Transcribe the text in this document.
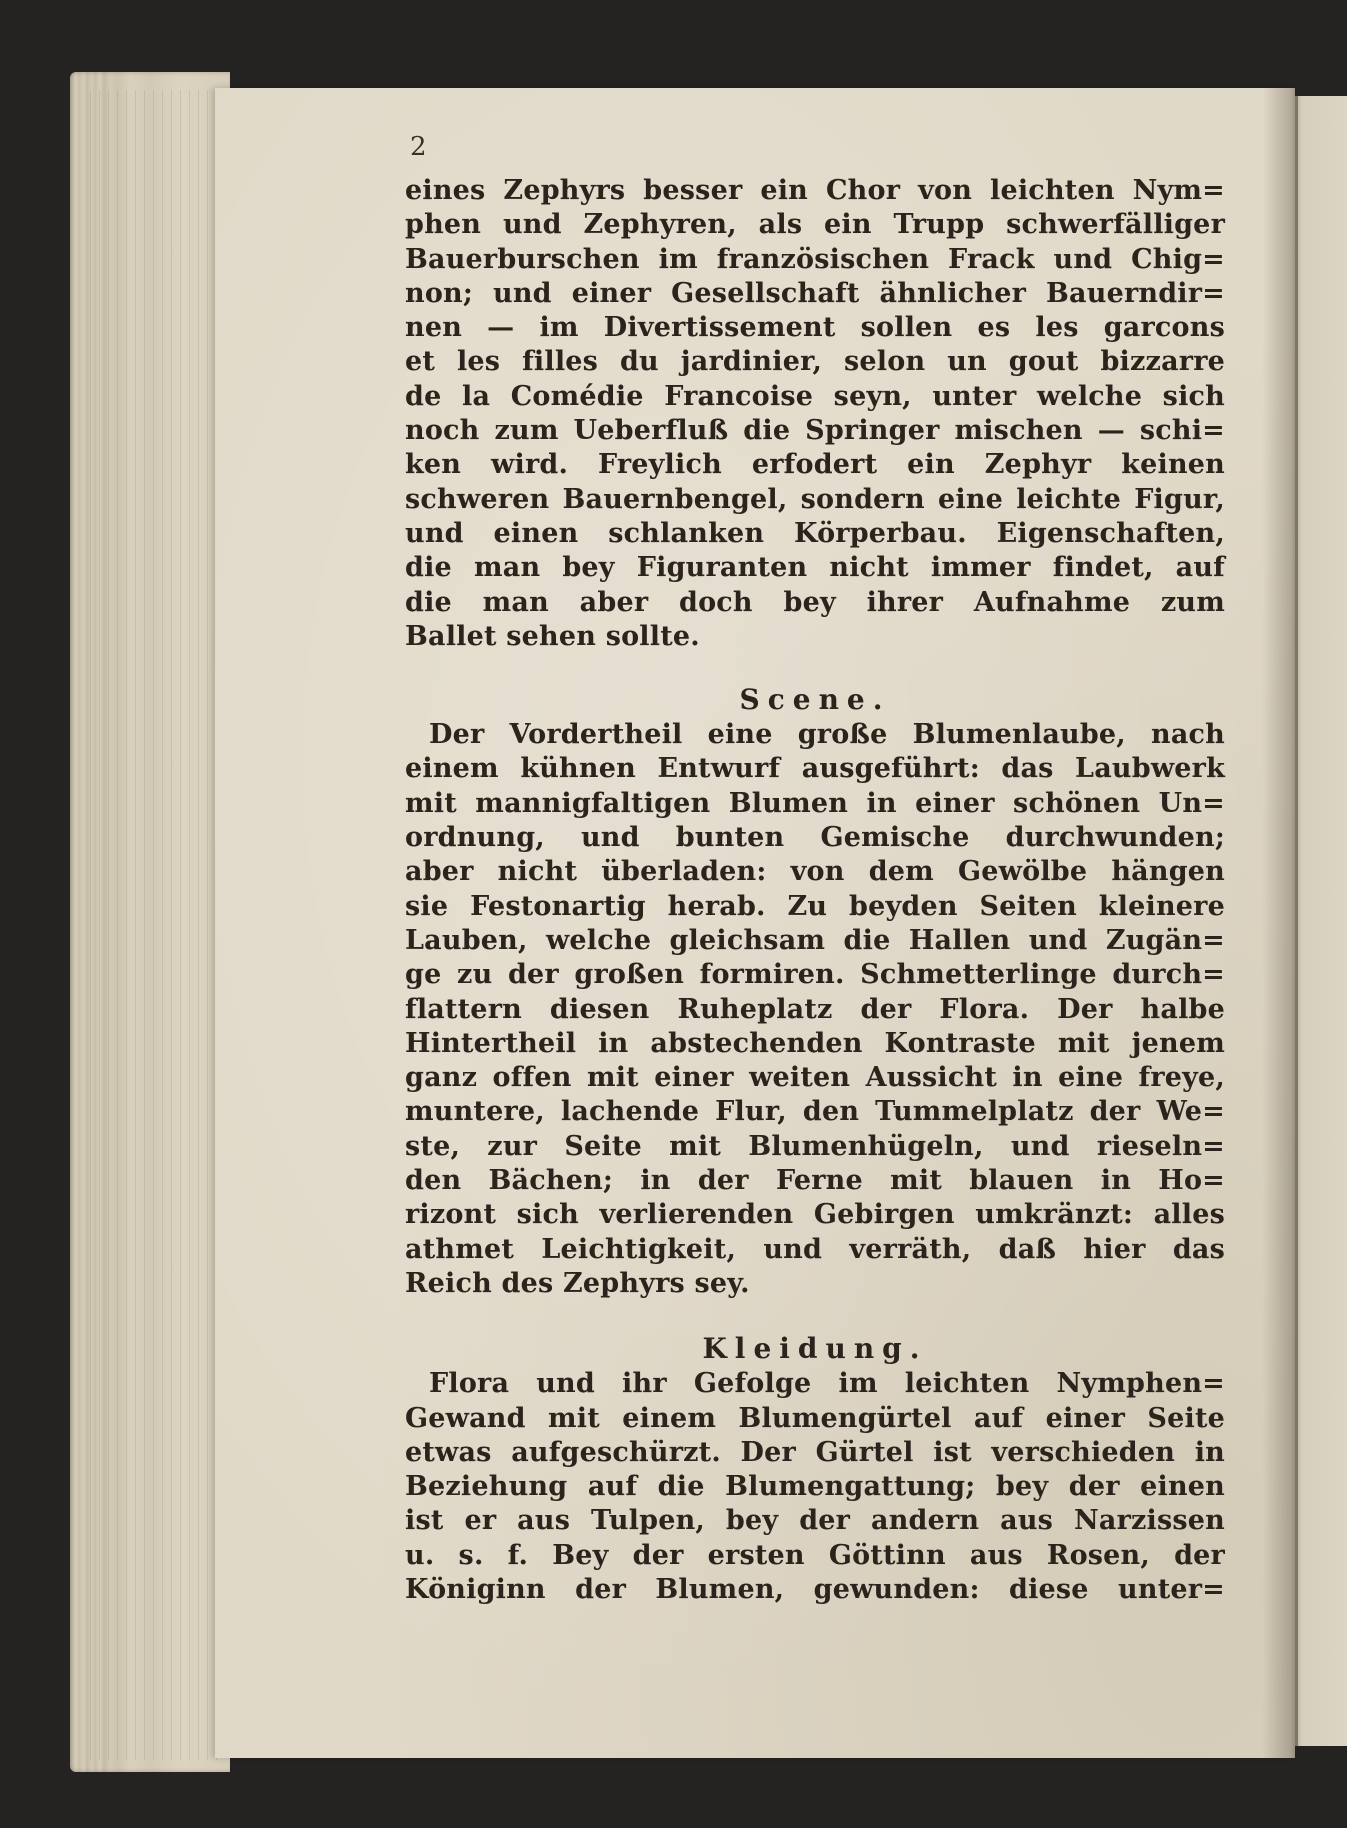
2
eines Zephyrs besser ein Chor von leichten Nym=
phen und Zephyren, als ein Trupp schwerfälliger
Bauerburschen im französischen Frack und Chig=
non; und einer Gesellschaft ähnlicher Bauerndir=
nen — im Divertissement sollen es les garcons
et les filles du jardinier, selon un gout bizzarre
de la Comédie Francoise seyn, unter welche sich
noch zum Ueberfluß die Springer mischen — schi=
ken wird. Freylich erfodert ein Zephyr keinen
schweren Bauernbengel, sondern eine leichte Figur,
und einen schlanken Körperbau. Eigenschaften,
die man bey Figuranten nicht immer findet, auf
die man aber doch bey ihrer Aufnahme zum
Ballet sehen sollte.
Scene.
Der Vordertheil eine große Blumenlaube, nach
einem kühnen Entwurf ausgeführt: das Laubwerk
mit mannigfaltigen Blumen in einer schönen Un=
ordnung, und bunten Gemische durchwunden;
aber nicht überladen: von dem Gewölbe hängen
sie Festonartig herab. Zu beyden Seiten kleinere
Lauben, welche gleichsam die Hallen und Zugän=
ge zu der großen formiren. Schmetterlinge durch=
flattern diesen Ruheplatz der Flora. Der halbe
Hintertheil in abstechenden Kontraste mit jenem
ganz offen mit einer weiten Aussicht in eine freye,
muntere, lachende Flur, den Tummelplatz der We=
ste, zur Seite mit Blumenhügeln, und rieseln=
den Bächen; in der Ferne mit blauen in Ho=
rizont sich verlierenden Gebirgen umkränzt: alles
athmet Leichtigkeit, und verräth, daß hier das
Reich des Zephyrs sey.
Kleidung.
Flora und ihr Gefolge im leichten Nymphen=
Gewand mit einem Blumengürtel auf einer Seite
etwas aufgeschürzt. Der Gürtel ist verschieden in
Beziehung auf die Blumengattung; bey der einen
ist er aus Tulpen, bey der andern aus Narzissen
u. s. f. Bey der ersten Göttinn aus Rosen, der
Königinn der Blumen, gewunden: diese unter=
